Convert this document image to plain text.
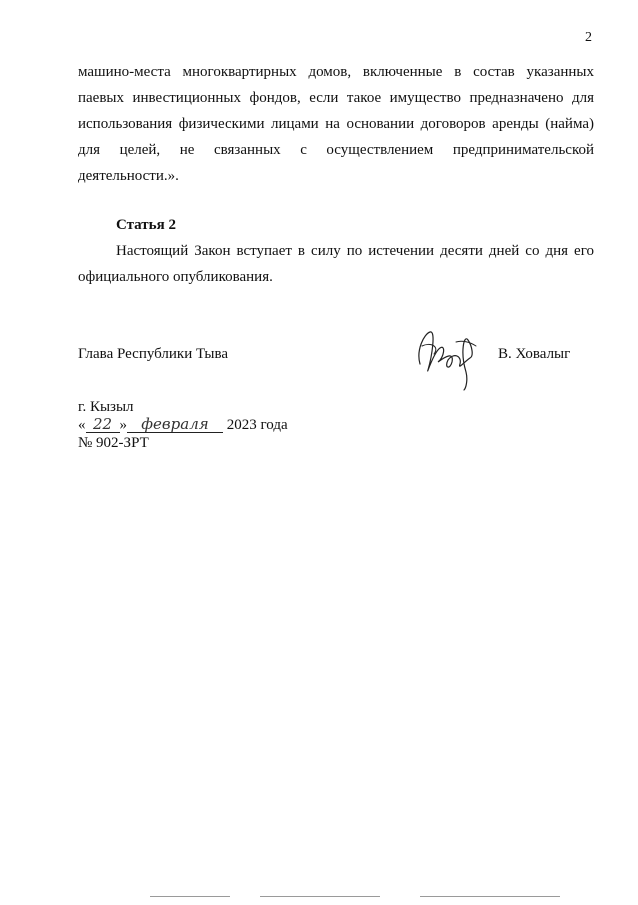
2
машино-места многоквартирных домов, включенные в состав указанных паевых инвестиционных фондов, если такое имущество предназначено для использования физическими лицами на основании договоров аренды (найма) для целей, не связанных с осуществлением предпринимательской деятельности.».
Статья 2
Настоящий Закон вступает в силу по истечении десяти дней со дня его официального опубликования.
Глава Республики Тыва	В. Ховалыг
г. Кызыл
« 22 » февраля 2023 года
№ 902-ЗРТ
